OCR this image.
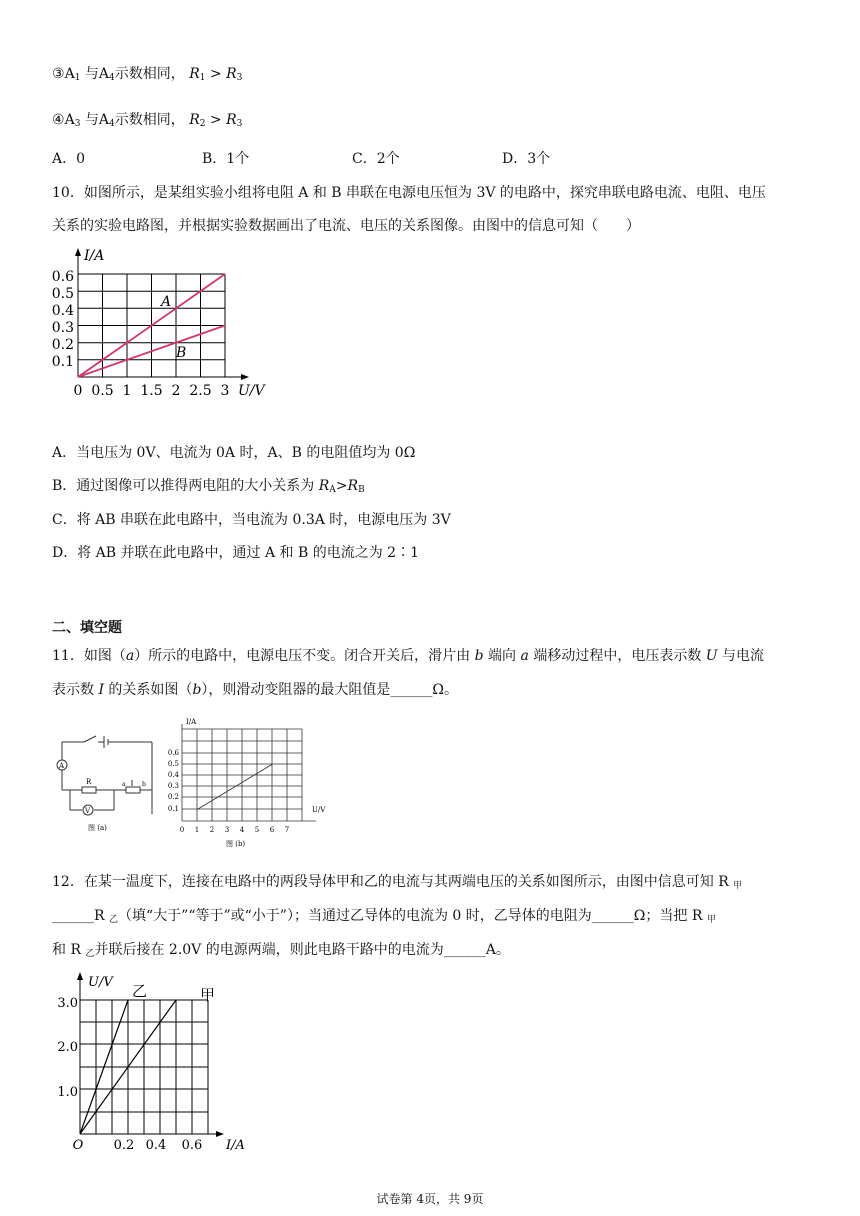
$③A_1$ 与$A_4$示数相同， $R_1 > R_3$
$④A_3$ 与$A_4$示数相同， $R_2 > R_3$
A．0	B．1个	C．2个	D．3个
10．如图所示，是某组实验小组将电阻 A 和 B 串联在电源电压恒为 3V 的电路中，探究串联电路电流、电阻、电压
关系的实验电路图，并根据实验数据画出了电流、电压的关系图像。由图中的信息可知（　　）
I/A
0.1
0.2
0.3
0.4
0.5
0.6
0 0.5 1 1.5 2 2.5 3 U/V
A
B
A．当电压为 0V、电流为 0A 时，A、B 的电阻值均为 0Ω
B．通过图像可以推得两电阻的大小关系为 $R_A>R_B$
C．将 AB 串联在此电路中，当电流为 0.3A 时，电源电压为 3V
D．将 AB 并联在此电路中，通过 A 和 B 的电流之为 2∶1
二、填空题
11．如图（a）所示的电路中，电源电压不变。闭合开关后，滑片由 b 端向 a 端移动过程中，电压表示数 U 与电流
表示数 I 的关系如图（b），则滑动变阻器的最大阻值是______Ω。
A
V
R	a	b
图 (a)
I/A
0.1
0.2
0.3
0.4
0.5
0.6
0 1 2 3 4 5 6 7
U/V
图 (b)
12．在某一温度下，连接在电路中的两段导体甲和乙的电流与其两端电压的关系如图所示，由图中信息可知 R $_甲$
______R $_乙$（填“大于”“等于”或“小于”）；当通过乙导体的电流为 0 时，乙导体的电阻为______Ω；当把 R $_甲$
和 R $_乙$并联后接在 2.0V 的电源两端，则此电路干路中的电流为______A。
U/V
1.0
2.0
3.0
O 0.2 0.4 0.6 I/A
乙	甲
试卷第 4页，共 9页
